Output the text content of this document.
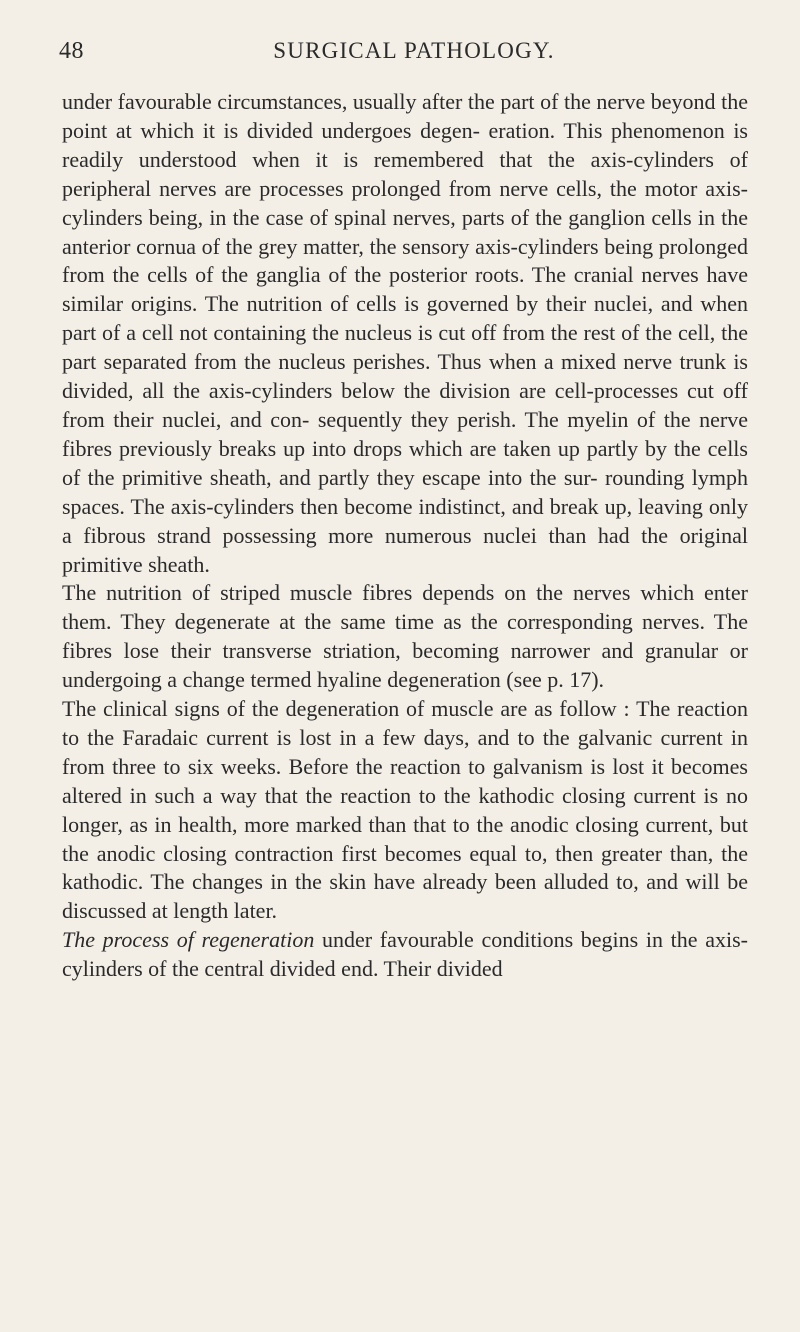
48	SURGICAL PATHOLOGY.

under favourable circumstances, usually after the part of the nerve beyond the point at which it is divided undergoes degen- eration. This phenomenon is readily understood when it is remembered that the axis-cylinders of peripheral nerves are processes prolonged from nerve cells, the motor axis-cylinders being, in the case of spinal nerves, parts of the ganglion cells in the anterior cornua of the grey matter, the sensory axis-cylinders being prolonged from the cells of the ganglia of the posterior roots. The cranial nerves have similar origins. The nutrition of cells is governed by their nuclei, and when part of a cell not containing the nucleus is cut off from the rest of the cell, the part separated from the nucleus perishes. Thus when a mixed nerve trunk is divided, all the axis-cylinders below the division are cell-processes cut off from their nuclei, and con- sequently they perish. The myelin of the nerve fibres previously breaks up into drops which are taken up partly by the cells of the primitive sheath, and partly they escape into the sur- rounding lymph spaces. The axis-cylinders then become indistinct, and break up, leaving only a fibrous strand possessing more numerous nuclei than had the original primitive sheath.

The nutrition of striped muscle fibres depends on the nerves which enter them. They degenerate at the same time as the corresponding nerves. The fibres lose their transverse striation, becoming narrower and granular or undergoing a change termed hyaline degeneration (see p. 17).

The clinical signs of the degeneration of muscle are as follow : The reaction to the Faradaic current is lost in a few days, and to the galvanic current in from three to six weeks. Before the reaction to galvanism is lost it becomes altered in such a way that the reaction to the kathodic closing current is no longer, as in health, more marked than that to the anodic closing current, but the anodic closing contraction first becomes equal to, then greater than, the kathodic. The changes in the skin have already been alluded to, and will be discussed at length later.

The process of regeneration under favourable conditions begins in the axis-cylinders of the central divided end. Their divided
